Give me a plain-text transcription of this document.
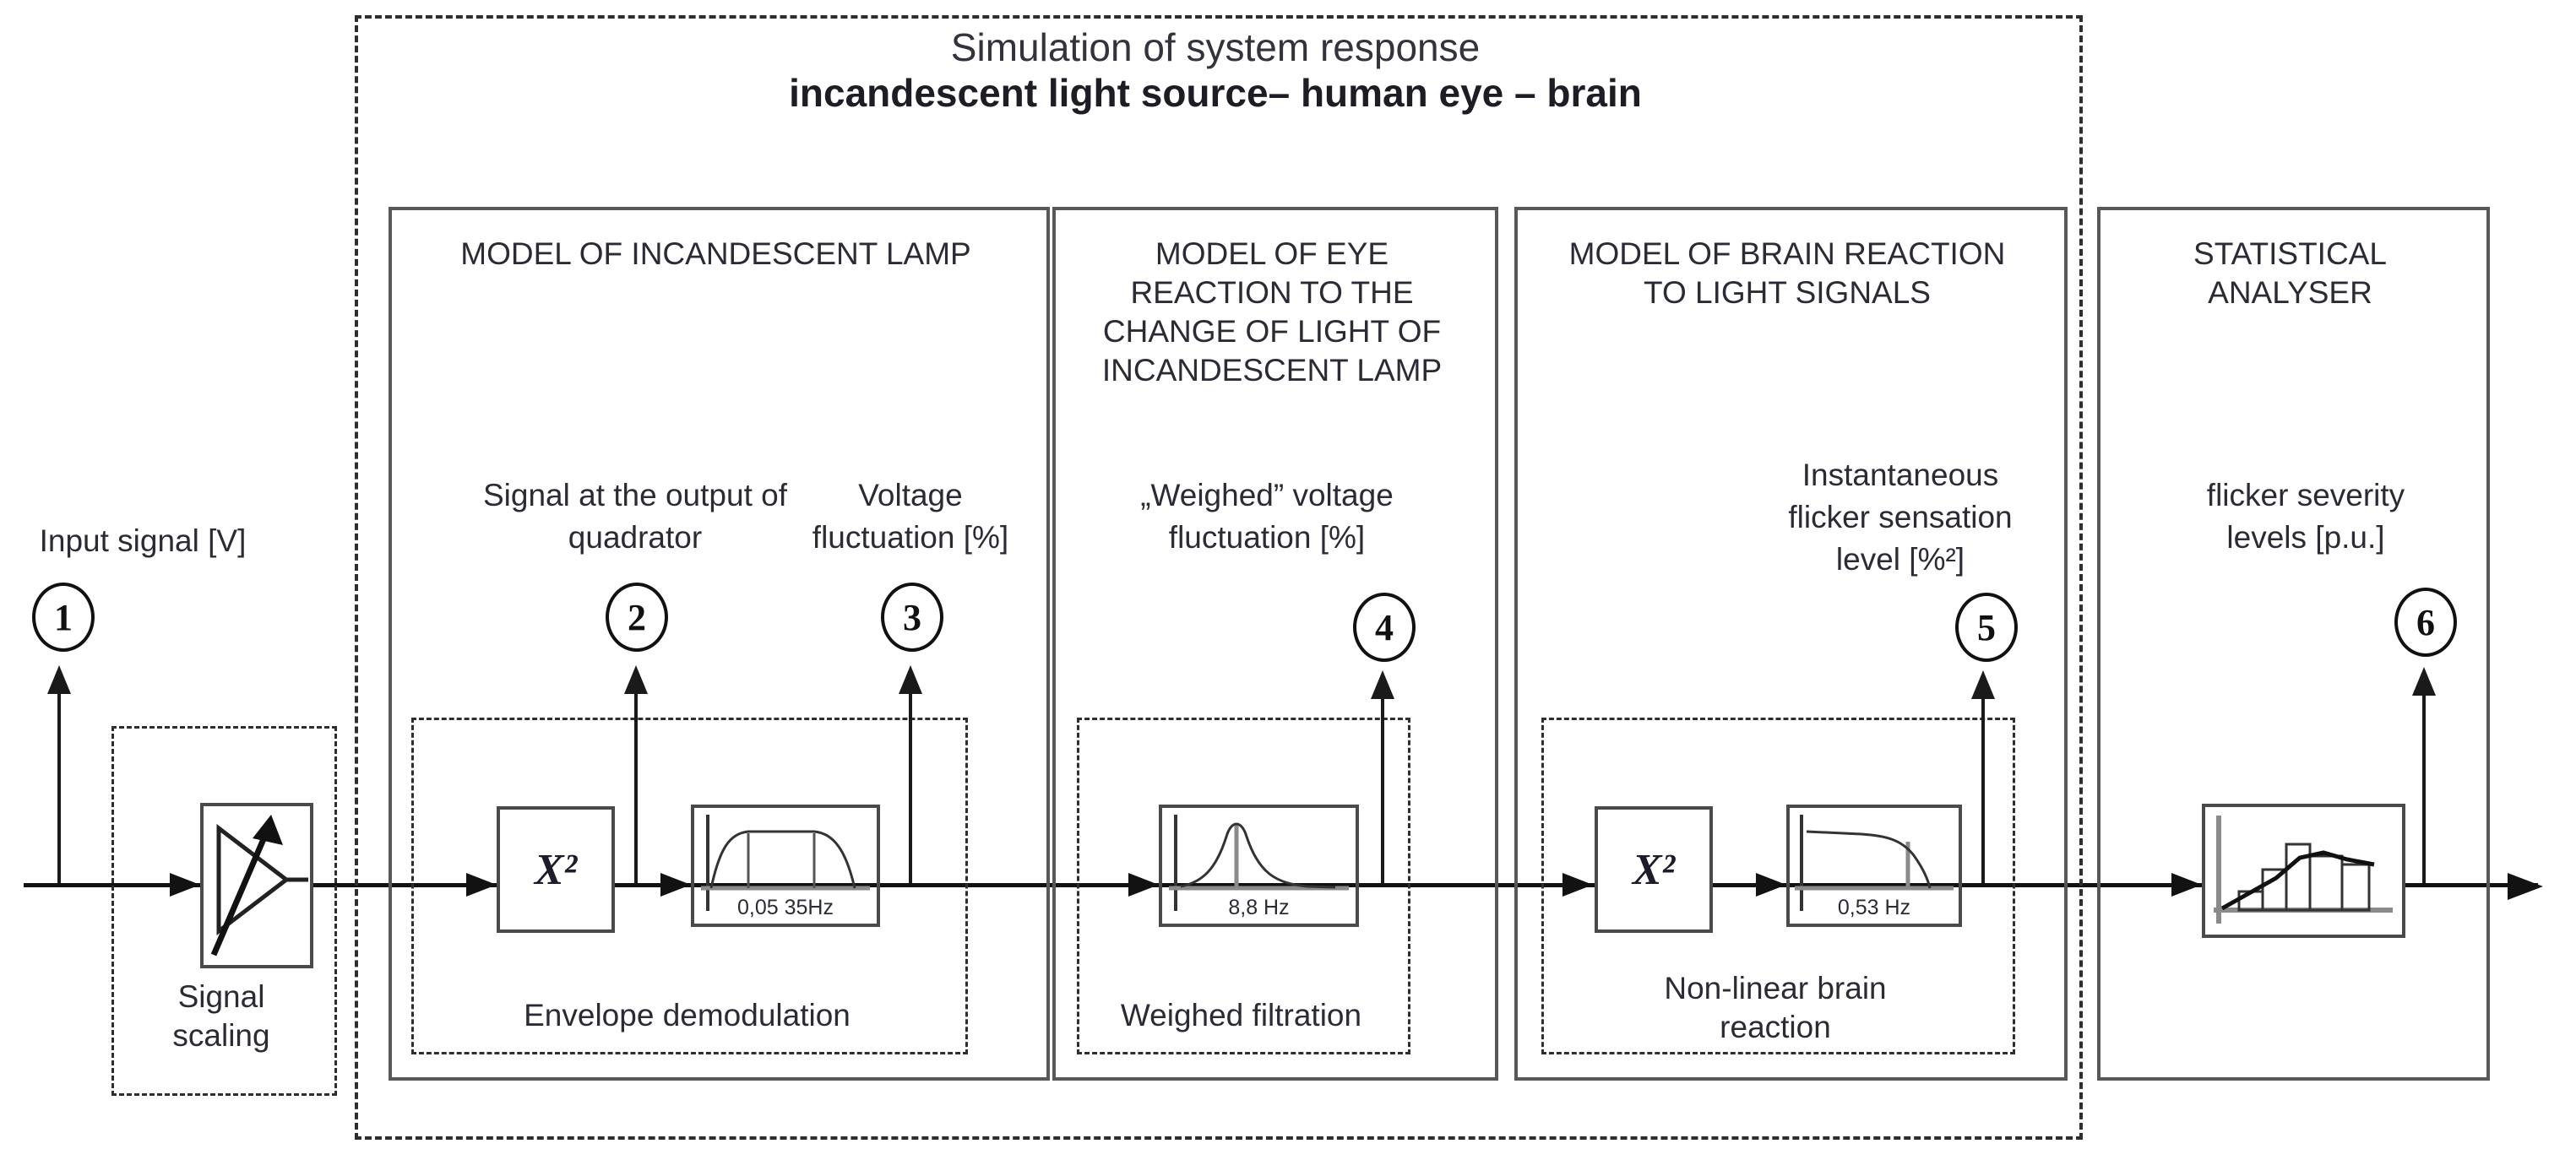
Simulation of system response
incandescent light source– human eye – brain
Input signal [V]
1
Signal scaling
MODEL OF INCANDESCENT LAMP
Signal at the output of quadrator
Voltage fluctuation [%]
2	3
X²
0,05 35Hz
Envelope demodulation
MODEL OF EYE REACTION TO THE CHANGE OF LIGHT OF INCANDESCENT LAMP
„Weighed” voltage fluctuation [%]
4
8,8 Hz
Weighed filtration
MODEL OF BRAIN REACTION TO LIGHT SIGNALS
Instantaneous flicker sensation level [%²]
5
X²
0,53 Hz
Non-linear brain reaction
STATISTICAL ANALYSER
flicker severity levels [p.u.]
6
